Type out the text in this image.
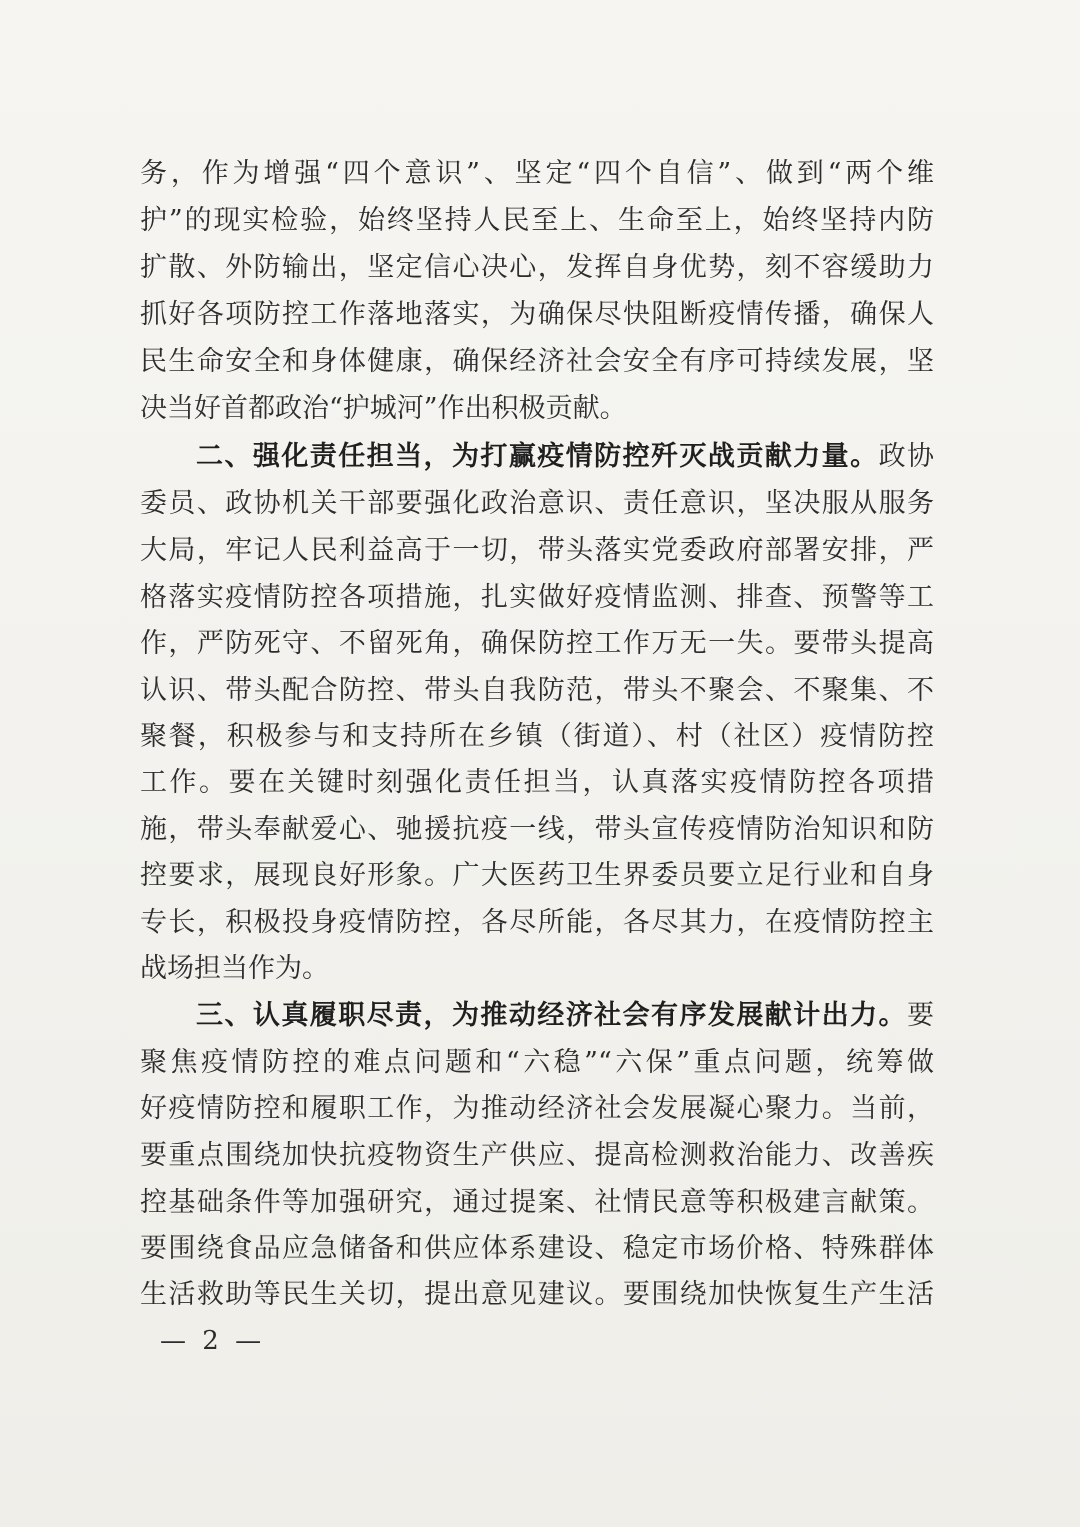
务，作为增强“四个意识”、坚定“四个自信”、做到“两个维
护”的现实检验，始终坚持人民至上、生命至上，始终坚持内防
扩散、外防输出，坚定信心决心，发挥自身优势，刻不容缓助力
抓好各项防控工作落地落实，为确保尽快阻断疫情传播，确保人
民生命安全和身体健康，确保经济社会安全有序可持续发展，坚
决当好首都政治“护城河”作出积极贡献。
二、强化责任担当，为打赢疫情防控歼灭战贡献力量。政协
委员、政协机关干部要强化政治意识、责任意识，坚决服从服务
大局，牢记人民利益高于一切，带头落实党委政府部署安排，严
格落实疫情防控各项措施，扎实做好疫情监测、排查、预警等工
作，严防死守、不留死角，确保防控工作万无一失。要带头提高
认识、带头配合防控、带头自我防范，带头不聚会、不聚集、不
聚餐，积极参与和支持所在乡镇（街道）、村（社区）疫情防控
工作。要在关键时刻强化责任担当，认真落实疫情防控各项措
施，带头奉献爱心、驰援抗疫一线，带头宣传疫情防治知识和防
控要求，展现良好形象。广大医药卫生界委员要立足行业和自身
专长，积极投身疫情防控，各尽所能，各尽其力，在疫情防控主
战场担当作为。
三、认真履职尽责，为推动经济社会有序发展献计出力。要
聚焦疫情防控的难点问题和“六稳”“六保”重点问题，统筹做
好疫情防控和履职工作，为推动经济社会发展凝心聚力。当前，
要重点围绕加快抗疫物资生产供应、提高检测救治能力、改善疾
控基础条件等加强研究，通过提案、社情民意等积极建言献策。
要围绕食品应急储备和供应体系建设、稳定市场价格、特殊群体
生活救助等民生关切，提出意见建议。要围绕加快恢复生产生活
— 2 —
